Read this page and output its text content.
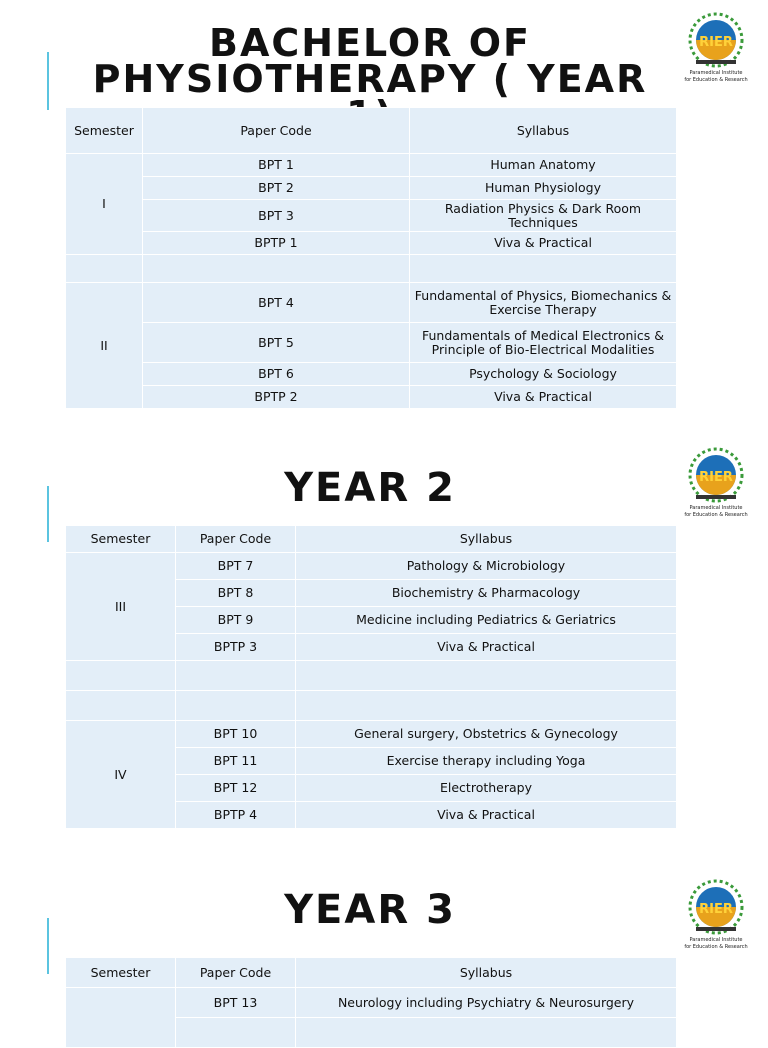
BACHELOR OF PHYSIOTHERAPY ( YEAR
RIER
Paramedical Institute
for Education & Research
Semester	Paper Code	Syllabus
I	BPT 1	Human Anatomy
	BPT 2	Human Physiology
	BPT 3	Radiation Physics & Dark Room Techniques
	BPTP 1	Viva & Practical

II	BPT 4	Fundamental of Physics, Biomechanics & Exercise Therapy
	BPT 5	Fundamentals of Medical Electronics & Principle of Bio-Electrical Modalities
	BPT 6	Psychology & Sociology
	BPTP 2	Viva & Practical
YEAR 2	RIER
Paramedical Institute
for Education & Research
Semester	Paper Code	Syllabus
III	BPT 7	Pathology & Microbiology
	BPT 8	Biochemistry & Pharmacology
	BPT 9	Medicine including Pediatrics & Geriatrics
	BPTP 3	Viva & Practical

IV	BPT 10	General surgery, Obstetrics & Gynecology
	BPT 11	Exercise therapy including Yoga
	BPT 12	Electrotherapy
	BPTP 4	Viva & Practical
YEAR 3	RIER
Paramedical Institute
for Education & Research
Semester	Paper Code	Syllabus
	BPT 13	Neurology including Psychiatry & Neurosurgery
